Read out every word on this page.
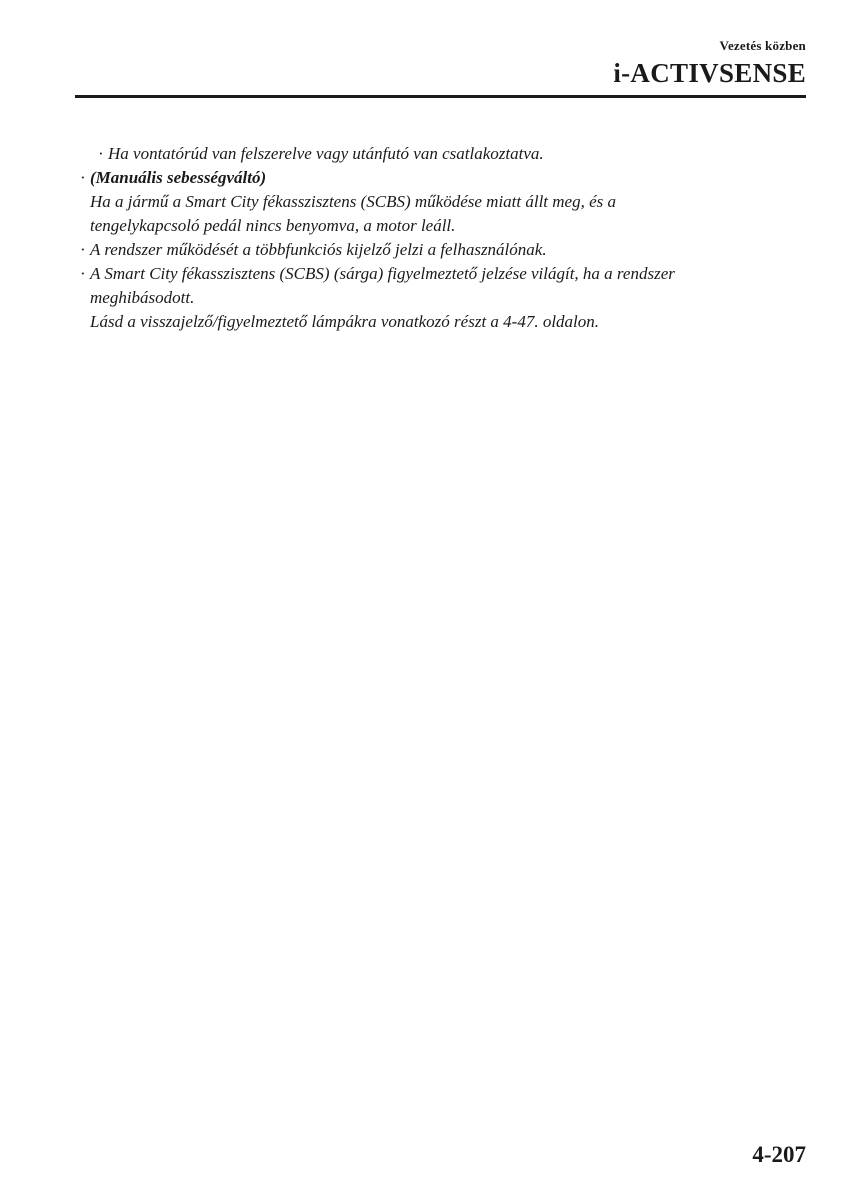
Vezetés közben
i-ACTIVSENSE
· Ha vontatórúd van felszerelve vagy utánfutó van csatlakoztatva.
· (Manuális sebességváltó)
Ha a jármű a Smart City fékasszisztens (SCBS) működése miatt állt meg, és a
tengelykapcsoló pedál nincs benyomva, a motor leáll.
· A rendszer működését a többfunkciós kijelző jelzi a felhasználónak.
· A Smart City fékasszisztens (SCBS) (sárga) figyelmeztető jelzése világít, ha a rendszer
meghibásodott.
Lásd a visszajelző/figyelmeztető lámpákra vonatkozó részt a 4-47. oldalon.
4-207
